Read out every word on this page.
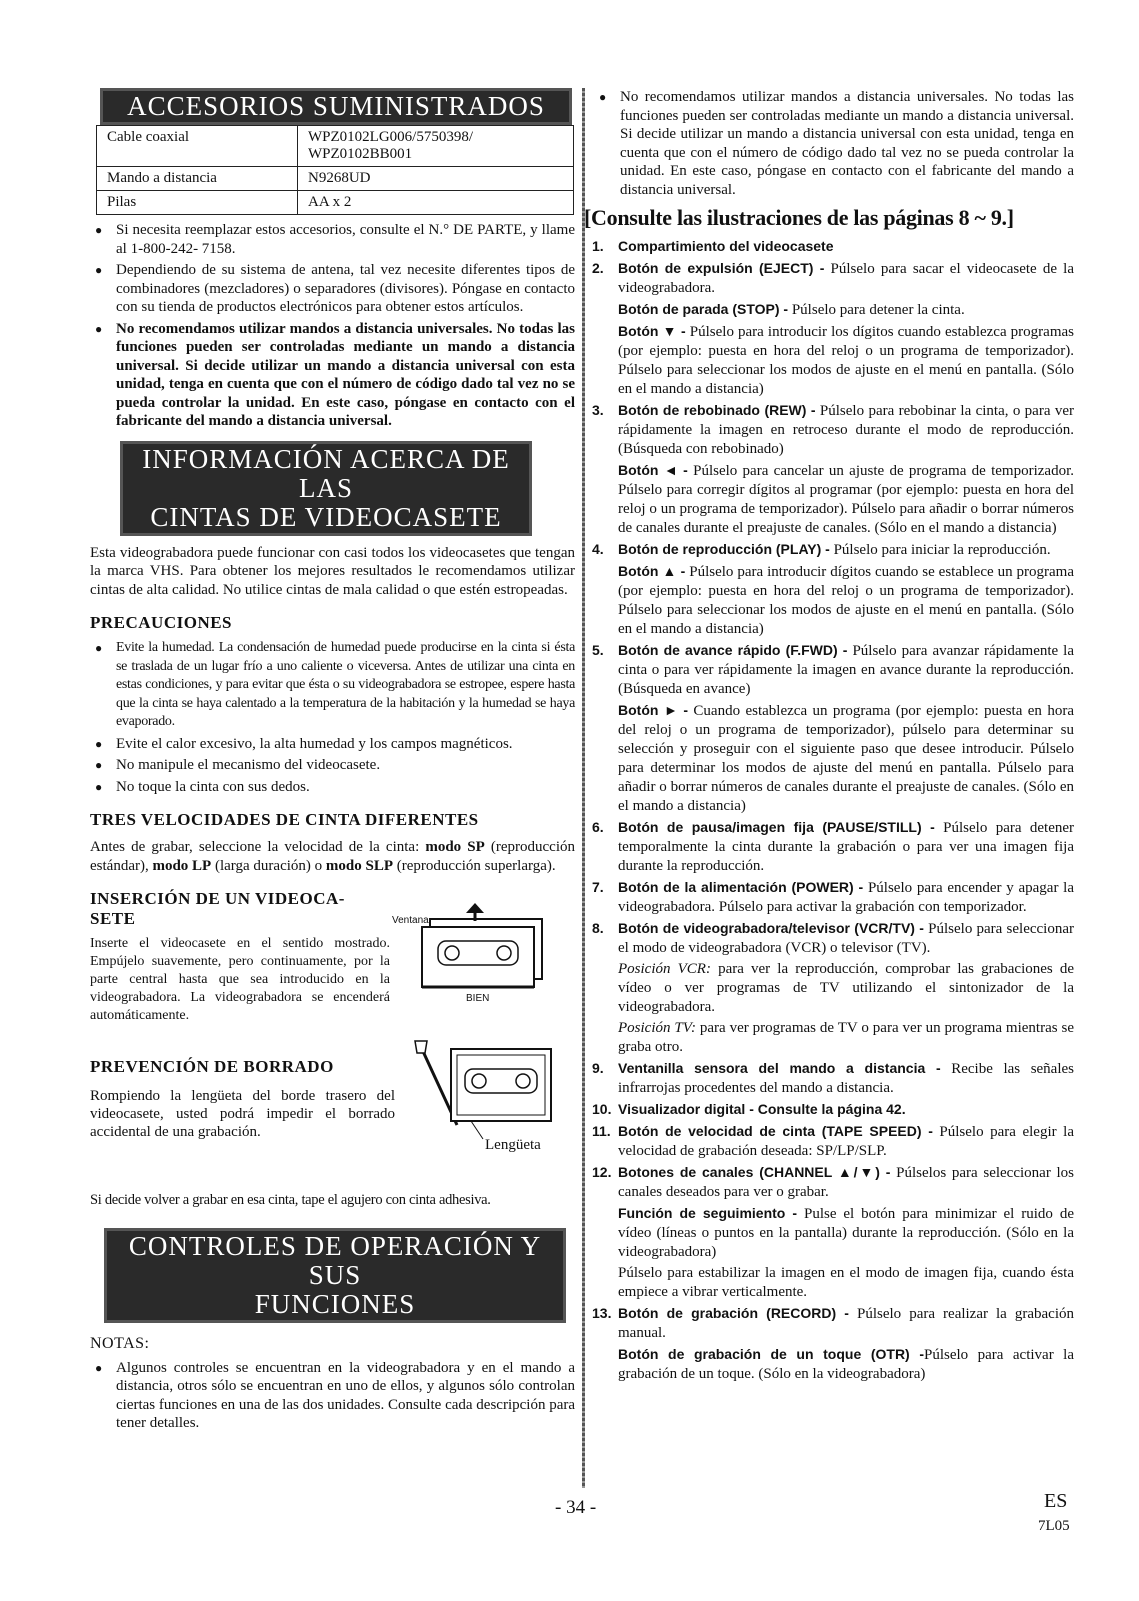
ACCESORIOS SUMINISTRADOS
Cable coaxial	WPZ0102LG006/5750398/ WPZ0102BB001
Mando a distancia	N9268UD
Pilas	AA x 2
● Si necesita reemplazar estos accesorios, consulte el N.° DE PARTE, y llame al 1-800-242- 7158.
● Dependiendo de su sistema de antena, tal vez necesite diferentes tipos de combinadores (mezcladores) o separadores (divisores). Póngase en contacto con su tienda de productos electrónicos para obtener estos artículos.
● No recomendamos utilizar mandos a distancia universales. No todas las funciones pueden ser controladas mediante un mando a distancia universal. Si decide utilizar un mando a distancia universal con esta unidad, tenga en cuenta que con el número de código dado tal vez no se pueda controlar la unidad. En este caso, póngase en contacto con el fabricante del mando a distancia universal.
INFORMACIÓN ACERCA DE LAS
CINTAS DE VIDEOCASETE

Esta videograbadora puede funcionar con casi todos los videocasetes que tengan la marca VHS. Para obtener los mejores resultados le recomendamos utilizar cintas de alta calidad. No utilice cintas de mala calidad o que estén estropeadas.

PRECAUCIONES
● Evite la humedad. La condensación de humedad puede producirse en la cinta si ésta se traslada de un lugar frío a uno caliente o viceversa. Antes de utilizar una cinta en estas condiciones, y para evitar que ésta o su videograbadora se estropee, espere hasta que la cinta se haya calentado a la temperatura de la habitación y la humedad se haya evaporado.
● Evite el calor excesivo, la alta humedad y los campos magnéticos.
● No manipule el mecanismo del videocasete.
● No toque la cinta con sus dedos.
TRES VELOCIDADES DE CINTA DIFERENTES

Antes de grabar, seleccione la velocidad de la cinta: modo SP (reproducción estándar), modo LP (larga duración) o modo SLP (reproducción superlarga).

INSERCIÓN DE UN VIDEOCA-
SETE

Inserte el videocasete en el sentido mostrado. Empújelo suavemente, pero continuamente, por la parte central hasta que sea introducido en la videograbadora. La videograbadora se encenderá automáticamente.

Ventana
BIEN
PREVENCIÓN DE BORRADO

Rompiendo la lengüeta del borde trasero del videocasete, usted podrá impedir el borrado accidental de una grabación.

Lengüeta

Si decide volver a grabar en esa cinta, tape el agujero con cinta adhesiva.

CONTROLES DE OPERACIÓN Y SUS
FUNCIONES
NOTAS:
● Algunos controles se encuentran en la videograbadora y en el mando a distancia, otros sólo se encuentran en uno de ellos, y algunos sólo controlan ciertas funciones en una de las dos unidades. Consulte cada descripción para tener detalles.
● No recomendamos utilizar mandos a distancia universales. No todas las funciones pueden ser controladas mediante un mando a distancia universal. Si decide utilizar un mando a distancia universal con esta unidad, tenga en cuenta que con el número de código dado tal vez no se pueda controlar la unidad. En este caso, póngase en contacto con el fabricante del mando a distancia universal.
[Consulte las ilustraciones de las páginas 8 ~ 9.]
1. Compartimiento del videocasete
2. Botón de expulsión (EJECT) - Púlselo para sacar el videocasete de la videograbadora.
Botón de parada (STOP) - Púlselo para detener la cinta.
Botón ▼ - Púlselo para introducir los dígitos cuando establezca programas (por ejemplo: puesta en hora del reloj o un programa de temporizador). Púlselo para seleccionar los modos de ajuste en el menú en pantalla. (Sólo en el mando a distancia)
3. Botón de rebobinado (REW) - Púlselo para rebobinar la cinta, o para ver rápidamente la imagen en retroceso durante el modo de reproducción. (Búsqueda con rebobinado)
Botón ◄ - Púlselo para cancelar un ajuste de programa de temporizador. Púlselo para corregir dígitos al programar (por ejemplo: puesta en hora del reloj o un programa de temporizador). Púlselo para añadir o borrar números de canales durante el preajuste de canales. (Sólo en el mando a distancia)
4. Botón de reproducción (PLAY) - Púlselo para iniciar la reproducción.
Botón ▲ - Púlselo para introducir dígitos cuando se establece un programa (por ejemplo: puesta en hora del reloj o un programa de temporizador). Púlselo para seleccionar los modos de ajuste en el menú en pantalla. (Sólo en el mando a distancia)
5. Botón de avance rápido (F.FWD) - Púlselo para avanzar rápidamente la cinta o para ver rápidamente la imagen en avance durante la reproducción. (Búsqueda en avance)
Botón ► - Cuando establezca un programa (por ejemplo: puesta en hora del reloj o un programa de temporizador), púlselo para determinar su selección y proseguir con el siguiente paso que desee introducir. Púlselo para determinar los modos de ajuste del menú en pantalla. Púlselo para añadir o borrar números de canales durante el preajuste de canales. (Sólo en el mando a distancia)
6. Botón de pausa/imagen fija (PAUSE/STILL) - Púlselo para detener temporalmente la cinta durante la grabación o para ver una imagen fija durante la reproducción.
7. Botón de la alimentación (POWER) - Púlselo para encender y apagar la videograbadora. Púlselo para activar la grabación con temporizador.
8. Botón de videograbadora/televisor (VCR/TV) - Púlselo para seleccionar el modo de videograbadora (VCR) o televisor (TV).
Posición VCR: para ver la reproducción, comprobar las grabaciones de vídeo o ver programas de TV utilizando el sintonizador de la videograbadora.
Posición TV: para ver programas de TV o para ver un programa mientras se graba otro.
9. Ventanilla sensora del mando a distancia - Recibe las señales infrarrojas procedentes del mando a distancia.
10. Visualizador digital - Consulte la página 42.
11. Botón de velocidad de cinta (TAPE SPEED) - Púlselo para elegir la velocidad de grabación deseada: SP/LP/SLP.
12. Botones de canales (CHANNEL ▲/▼) - Púlselos para seleccionar los canales deseados para ver o grabar.
Función de seguimiento - Pulse el botón para minimizar el ruido de vídeo (líneas o puntos en la pantalla) durante la reproducción. (Sólo en la videograbadora)
Púlselo para estabilizar la imagen en el modo de imagen fija, cuando ésta empiece a vibrar verticalmente.
13. Botón de grabación (RECORD) - Púlselo para realizar la grabación manual.
Botón de grabación de un toque (OTR) -Púlselo para activar la grabación de un toque. (Sólo en la videograbadora)
- 34 -	ES
7L05
